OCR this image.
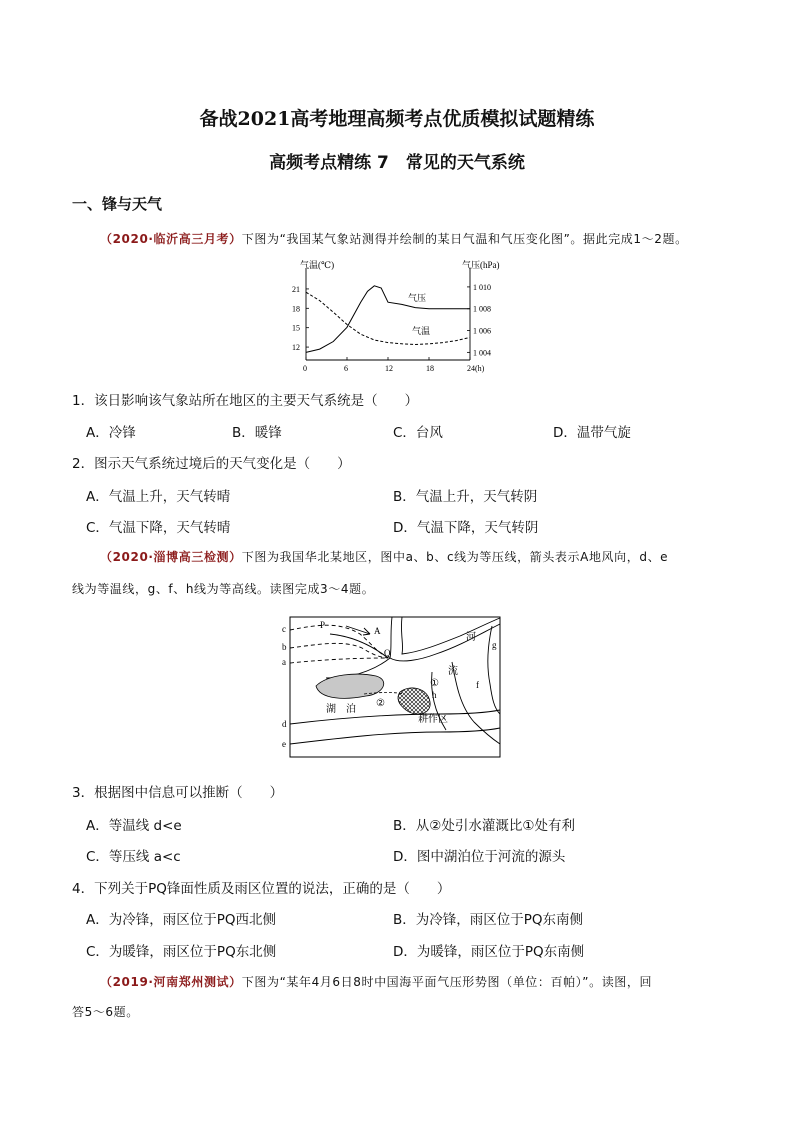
备战2021高考地理高频考点优质模拟试题精练
高频考点精练 7　常见的天气系统
一、锋与天气
（2020·临沂高三月考）下图为“我国某气象站测得并绘制的某日气温和气压变化图”。据此完成1～2题。
0	6	12	18	24(h)
21
18
15
12
1 010
1 008
1 006
1 004
气温(℃)	气压(hPa)
气压
气温
1．该日影响该气象站所在地区的主要天气系统是（　　）
A．冷锋	B．暖锋	C．台风	D．温带气旋
2．图示天气系统过境后的天气变化是（　　）
A．气温上升，天气转晴	B．气温上升，天气转阴
C．气温下降，天气转晴	D．气温下降，天气转阴
（2020·淄博高三检测）下图为我国华北某地区，图中a、b、c线为等压线，箭头表示A地风向，d、e
线为等温线，g、f、h线为等高线。读图完成3～4题。
c
b
a
d
e
P
A
Q
g
f
h
河
流
①
②
湖　泊
耕作区
3．根据图中信息可以推断（　　）
A．等温线 d<e	B．从②处引水灌溉比①处有利
C．等压线 a<c	D．图中湖泊位于河流的源头
4．下列关于PQ锋面性质及雨区位置的说法，正确的是（　　）
A．为冷锋，雨区位于PQ西北侧	B．为冷锋，雨区位于PQ东南侧
C．为暖锋，雨区位于PQ东北侧	D．为暖锋，雨区位于PQ东南侧
（2019·河南郑州测试）下图为“某年4月6日8时中国海平面气压形势图（单位：百帕）”。读图，回
答5～6题。
